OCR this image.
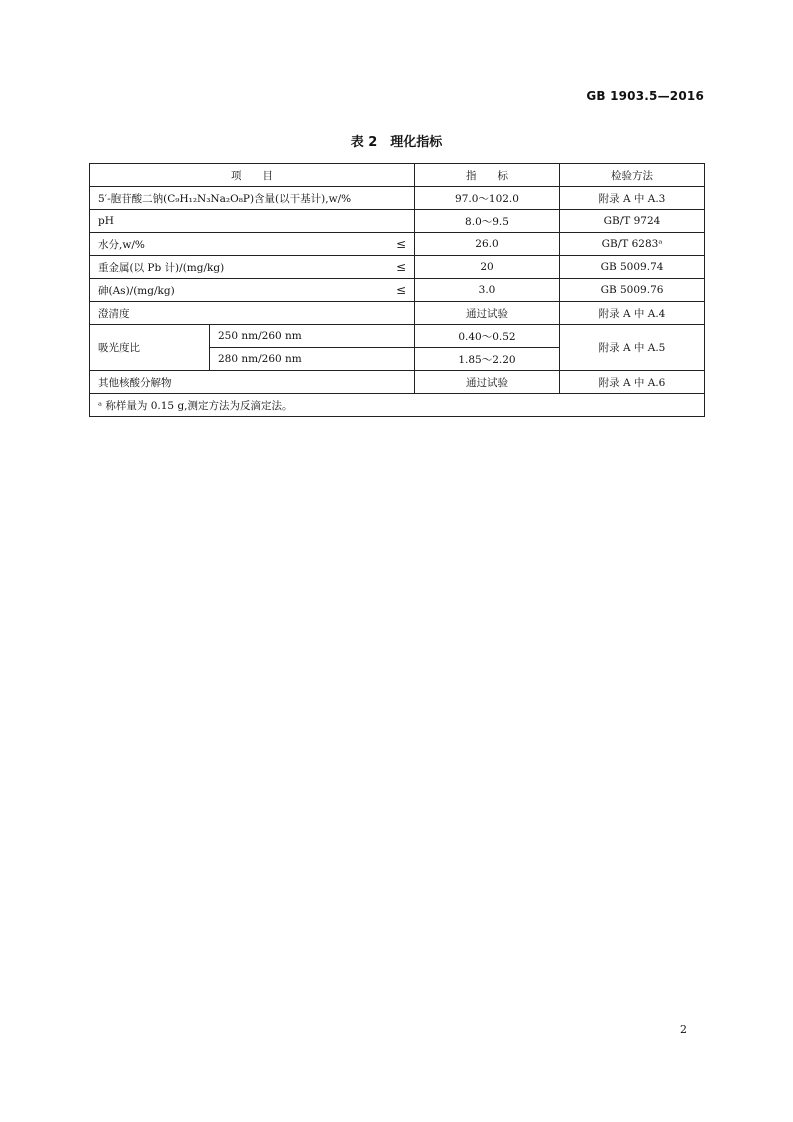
GB 1903.5—2016
表 2　理化指标
项　　目		指　　标	检验方法

5′-胞苷酸二钠(C₉H₁₂N₃Na₂O₈P)含量(以干基计),w/%		97.0～102.0	附录 A 中 A.3

pH		8.0～9.5	GB/T 9724

水分,w/% ≤		26.0	GB/T 6283ᵃ

重金属(以 Pb 计)/(mg/kg) ≤		20	GB 5009.74

砷(As)/(mg/kg) ≤		3.0	GB 5009.76

澄清度		通过试验	附录 A 中 A.4
吸光度比	250 nm/260 nm	0.40～0.52	附录 A 中 A.5
	280 nm/260 nm	1.85～2.20	
其他核酸分解物		通过试验	附录 A 中 A.6
ᵃ 称样量为 0.15 g,测定方法为反滴定法。			
2
